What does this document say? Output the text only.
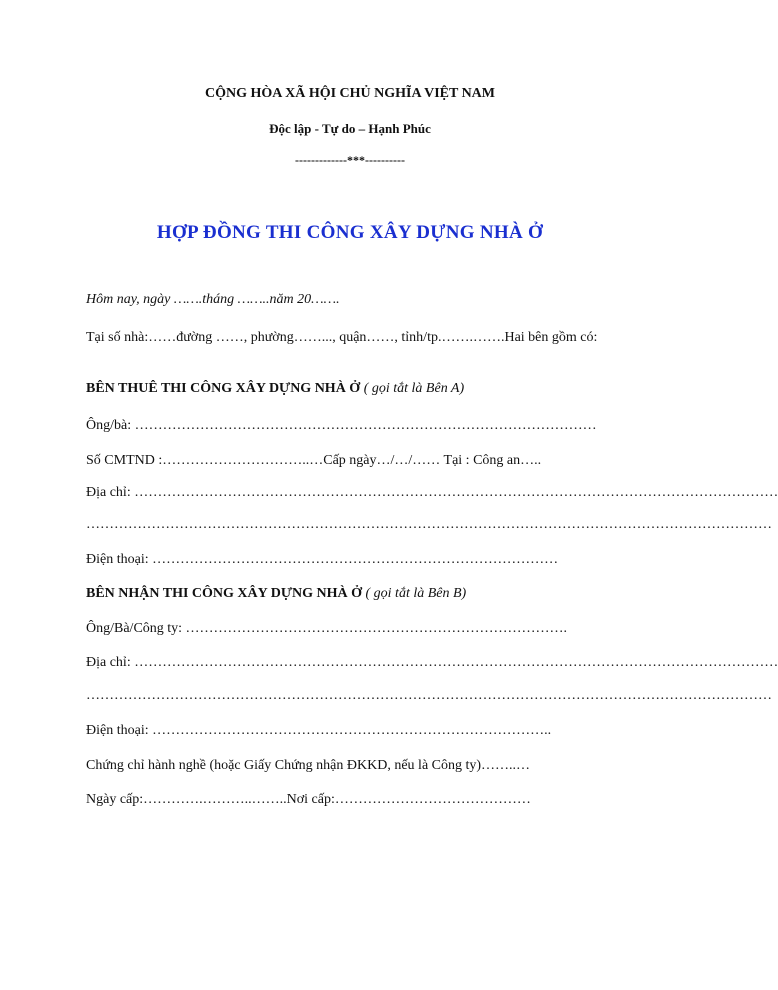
CỘNG HÒA XÃ HỘI CHỦ NGHĨA VIỆT NAM
Độc lập - Tự do – Hạnh Phúc
-------------***----------
HỢP ĐỒNG THI CÔNG XÂY DỰNG NHÀ Ở
Hôm nay, ngày …….tháng ……..năm 20…….
Tại số nhà:……đường ……, phường……..., quận……, tỉnh/tp.…….…….Hai bên gồm có:
BÊN THUÊ THI CÔNG XÂY DỰNG NHÀ Ở ( gọi tắt là Bên A)
Ông/bà: ………………………………………………………………………………………
Số CMTND :…………………………..…Cấp ngày…/…/…… Tại : Công an…..
Địa chỉ: …………………………………………………………………………………………………………………………
…………………………………………………………………………………………………………………………………
Điện thoại: ……………………………………………………………………………
BÊN NHẬN THI CÔNG XÂY DỰNG NHÀ Ở ( gọi tắt là Bên B)
Ông/Bà/Công ty: ……………………………………………………………………….
Địa chỉ: …………………………………………………………………………………………………………………………
…………………………………………………………………………………………………………………………………
Điện thoại: …………………………………………………………………………..
Chứng chỉ hành nghề (hoặc Giấy Chứng nhận ĐKKD, nếu là Công ty)……..…
Ngày cấp:………….………..……..Nơi cấp:……………………………………
